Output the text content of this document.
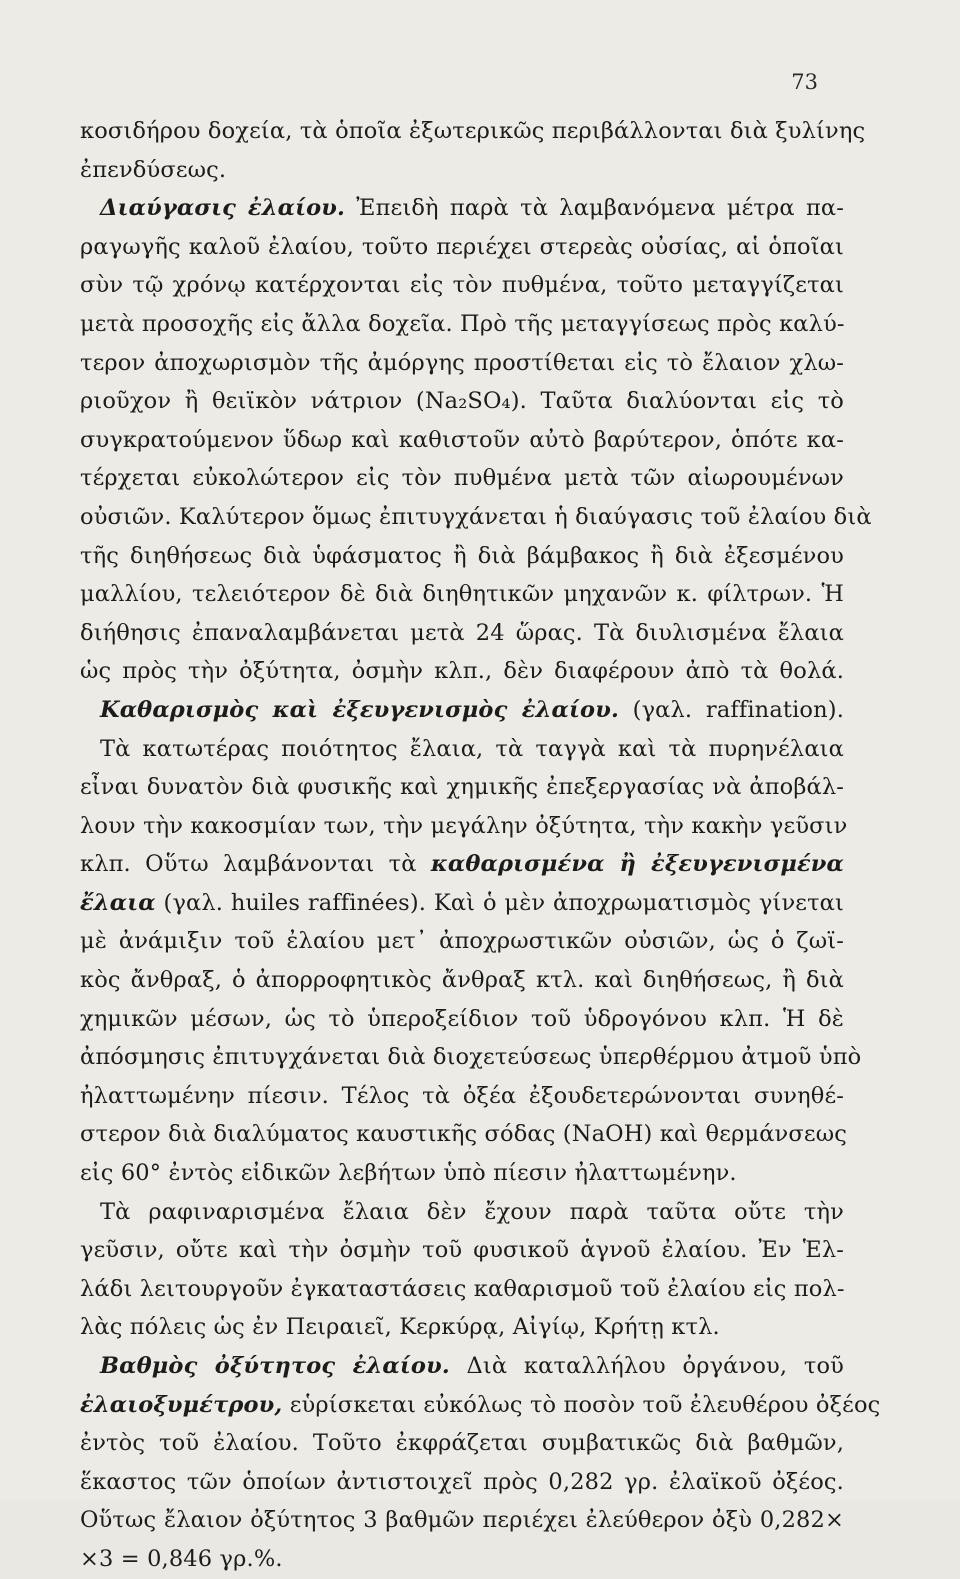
73
κοσιδήρου δοχεία, τὰ ὁποῖα ἐξωτερικῶς περιβάλλονται διὰ ξυλίνης
ἐπενδύσεως.
Διαύγασις ἐλαίου. Ἐπειδὴ παρὰ τὰ λαμβανόμενα μέτρα πα-
ραγωγῆς καλοῦ ἐλαίου, τοῦτο περιέχει στερεὰς οὐσίας, αἱ ὁποῖαι
σὺν τῷ χρόνῳ κατέρχονται εἰς τὸν πυθμένα, τοῦτο μεταγγίζεται
μετὰ προσοχῆς εἰς ἄλλα δοχεῖα. Πρὸ τῆς μεταγγίσεως πρὸς καλύ-
τερον ἀποχωρισμὸν τῆς ἀμόργης προστίθεται εἰς τὸ ἔλαιον χλω-
ριοῦχον ἢ θειϊκὸν νάτριον (Na₂SO₄). Ταῦτα διαλύονται εἰς τὸ
συγκρατούμενον ὕδωρ καὶ καθιστοῦν αὐτὸ βαρύτερον, ὁπότε κα-
τέρχεται εὐκολώτερον εἰς τὸν πυθμένα μετὰ τῶν αἰωρουμένων
οὐσιῶν. Καλύτερον ὅμως ἐπιτυγχάνεται ἡ διαύγασις τοῦ ἐλαίου διὰ
τῆς διηθήσεως διὰ ὑφάσματος ἢ διὰ βάμβακος ἢ διὰ ἐξεσμένου
μαλλίου, τελειότερον δὲ διὰ διηθητικῶν μηχανῶν κ. φίλτρων. Ἡ
διήθησις ἐπαναλαμβάνεται μετὰ 24 ὥρας. Τὰ διυλισμένα ἔλαια
ὡς πρὸς τὴν ὀξύτητα, ὀσμὴν κλπ., δὲν διαφέρουν ἀπὸ τὰ θολά.
Καθαρισμὸς καὶ ἐξευγενισμὸς ἐλαίου. (γαλ. raffination).
Τὰ κατωτέρας ποιότητος ἔλαια, τὰ ταγγὰ καὶ τὰ πυρηνέλαια
εἶναι δυνατὸν διὰ φυσικῆς καὶ χημικῆς ἐπεξεργασίας νὰ ἀποβάλ-
λουν τὴν κακοσμίαν των, τὴν μεγάλην ὀξύτητα, τὴν κακὴν γεῦσιν
κλπ. Οὕτω λαμβάνονται τὰ καθαρισμένα ἢ ἐξευγενισμένα
ἔλαια (γαλ. huiles raffinées). Καὶ ὁ μὲν ἀποχρωματισμὸς γίνεται
μὲ ἀνάμιξιν τοῦ ἐλαίου μετ᾿ ἀποχρωστικῶν οὐσιῶν, ὡς ὁ ζωϊ-
κὸς ἄνθραξ, ὁ ἀπορροφητικὸς ἄνθραξ κτλ. καὶ διηθήσεως, ἢ διὰ
χημικῶν μέσων, ὡς τὸ ὑπεροξείδιον τοῦ ὑδρογόνου κλπ. Ἡ δὲ
ἀπόσμησις ἐπιτυγχάνεται διὰ διοχετεύσεως ὑπερθέρμου ἀτμοῦ ὑπὸ
ἠλαττωμένην πίεσιν. Τέλος τὰ ὀξέα ἐξουδετερώνονται συνηθέ-
στερον διὰ διαλύματος καυστικῆς σόδας (NaOH) καὶ θερμάνσεως
εἰς 60° ἐντὸς εἰδικῶν λεβήτων ὑπὸ πίεσιν ἠλαττωμένην.
Τὰ ραφιναρισμένα ἔλαια δὲν ἔχουν παρὰ ταῦτα οὔτε τὴν
γεῦσιν, οὔτε καὶ τὴν ὀσμὴν τοῦ φυσικοῦ ἁγνοῦ ἐλαίου. Ἐν Ἑλ-
λάδι λειτουργοῦν ἐγκαταστάσεις καθαρισμοῦ τοῦ ἐλαίου εἰς πολ-
λὰς πόλεις ὡς ἐν Πειραιεῖ, Κερκύρᾳ, Αἰγίῳ, Κρήτῃ κτλ.
Βαθμὸς ὀξύτητος ἐλαίου. Διὰ καταλλήλου ὀργάνου, τοῦ
ἐλαιοξυμέτρου, εὑρίσκεται εὐκόλως τὸ ποσὸν τοῦ ἐλευθέρου ὀξέος
ἐντὸς τοῦ ἐλαίου. Τοῦτο ἐκφράζεται συμβατικῶς διὰ βαθμῶν,
ἕκαστος τῶν ὁποίων ἀντιστοιχεῖ πρὸς 0,282 γρ. ἐλαϊκοῦ ὀξέος.
Οὕτως ἔλαιον ὀξύτητος 3 βαθμῶν περιέχει ἐλεύθερον ὀξὺ 0,282×
×3 = 0,846 γρ.%.
